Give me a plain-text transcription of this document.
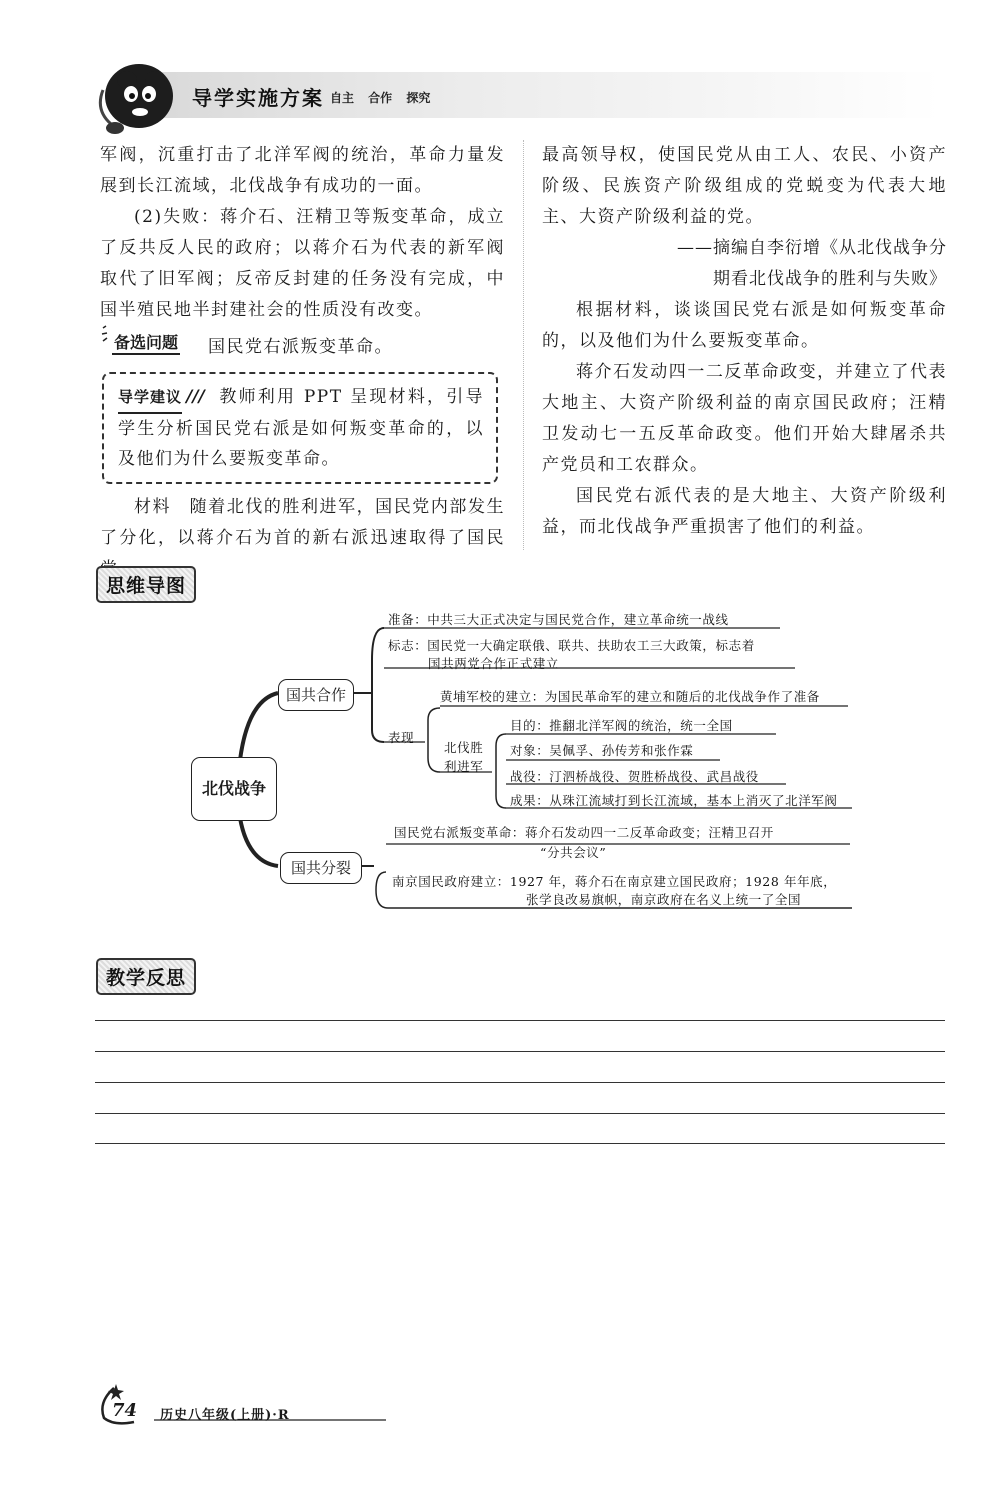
导学实施方案 自主 合作 探究

军阀，沉重打击了北洋军阀的统治，革命力量发展到长江流域，北伐战争有成功的一面。

(2)失败：蒋介石、汪精卫等叛变革命，成立了反共反人民的政府；以蒋介石为代表的新军阀取代了旧军阀；反帝反封建的任务没有完成，中国半殖民地半封建社会的性质没有改变。

备选问题 国民党右派叛变革命。

导学建议 /// 教师利用 PPT 呈现材料，引导学生分析国民党右派是如何叛变革命的，以及他们为什么要叛变革命。

材料　随着北伐的胜利进军，国民党内部发生了分化，以蒋介石为首的新右派迅速取得了国民

最高领导权，使国民党从由工人、农民、小资产阶级、民族资产阶级组成的党蜕变为代表大地主、大资产阶级利益的党。

——摘编自李衍增《从北伐战争分

期看北伐战争的胜利与失败》

根据材料，谈谈国民党右派是如何叛变革命的，以及他们为什么要叛变革命。

蒋介石发动四一二反革命政变，并建立了代表大地主、大资产阶级利益的南京国民政府；汪精卫发动七一五反革命政变。他们开始大肆屠杀共产党员和工农群众。

国民党右派代表的是大地主、大资产阶级利益，而北伐战争严重损害了他们的利益。

思维导图
北伐战争
国共合作
国共分裂
准备：中共三大正式决定与国民党合作，建立革命统一战线
标志：国民党一大确定联俄、联共、扶助农工三大政策，标志着
国共两党合作正式建立
表现
黄埔军校的建立：为国民革命军的建立和随后的北伐战争作了准备
北伐胜
利进军
目的：推翻北洋军阀的统治，统一全国
对象：吴佩孚、孙传芳和张作霖
战役：汀泗桥战役、贺胜桥战役、武昌战役
成果：从珠江流域打到长江流域，基本上消灭了北洋军阀
国民党右派叛变革命：蒋介石发动四一二反革命政变；汪精卫召开
“分共会议”
南京国民政府建立：1927 年，蒋介石在南京建立国民政府；1928 年年底，
张学良改易旗帜，南京政府在名义上统一了全国
教学反思
74 历史八年级(上册)·R
